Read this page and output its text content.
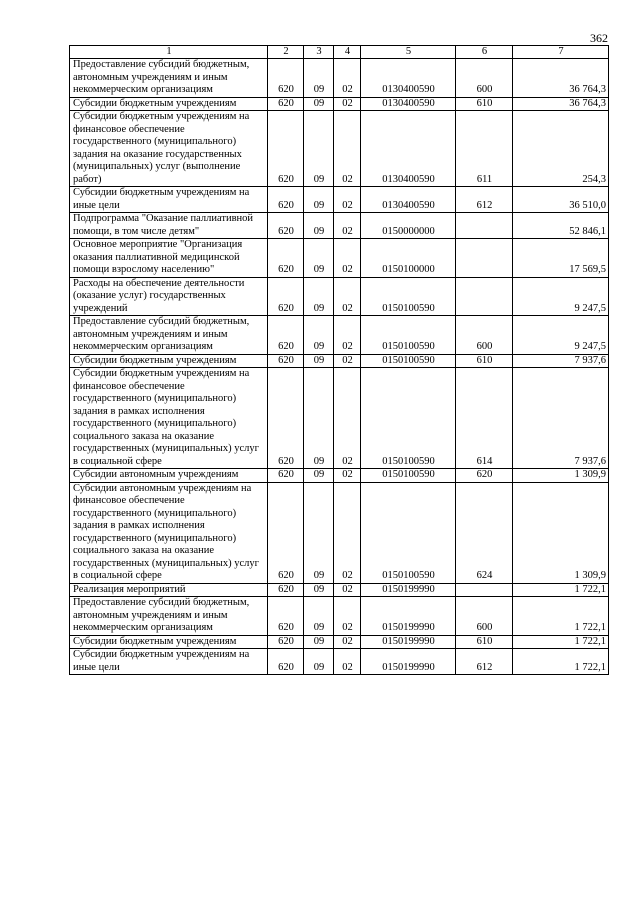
362
1	2	3	4	5	6	7
Предоставление субсидий бюджетным, автономным учреждениям и иным некоммерческим организациям	620	09	02	0130400590	600	36 764,3
Субсидии бюджетным учреждениям	620	09	02	0130400590	610	36 764,3
Субсидии бюджетным учреждениям на финансовое обеспечение государственного (муниципального) задания на оказание государственных (муниципальных) услуг (выполнение работ)	620	09	02	0130400590	611	254,3
Субсидии бюджетным учреждениям на иные цели	620	09	02	0130400590	612	36 510,0
Подпрограмма "Оказание паллиативной помощи, в том числе детям"	620	09	02	0150000000		52 846,1
Основное мероприятие "Организация оказания паллиативной медицинской помощи взрослому населению"	620	09	02	0150100000		17 569,5
Расходы на обеспечение деятельности (оказание услуг) государственных учреждений	620	09	02	0150100590		9 247,5
Предоставление субсидий бюджетным, автономным учреждениям и иным некоммерческим организациям	620	09	02	0150100590	600	9 247,5
Субсидии бюджетным учреждениям	620	09	02	0150100590	610	7 937,6
Субсидии бюджетным учреждениям на финансовое обеспечение государственного (муниципального) задания в рамках исполнения государственного (муниципального) социального заказа на оказание государственных (муниципальных) услуг в социальной сфере	620	09	02	0150100590	614	7 937,6
Субсидии автономным учреждениям	620	09	02	0150100590	620	1 309,9
Субсидии автономным учреждениям на финансовое обеспечение государственного (муниципального) задания в рамках исполнения государственного (муниципального) социального заказа на оказание государственных (муниципальных) услуг в социальной сфере	620	09	02	0150100590	624	1 309,9
Реализация мероприятий	620	09	02	0150199990		1 722,1
Предоставление субсидий бюджетным, автономным учреждениям и иным некоммерческим организациям	620	09	02	0150199990	600	1 722,1
Субсидии бюджетным учреждениям	620	09	02	0150199990	610	1 722,1
Субсидии бюджетным учреждениям на иные цели	620	09	02	0150199990	612	1 722,1
